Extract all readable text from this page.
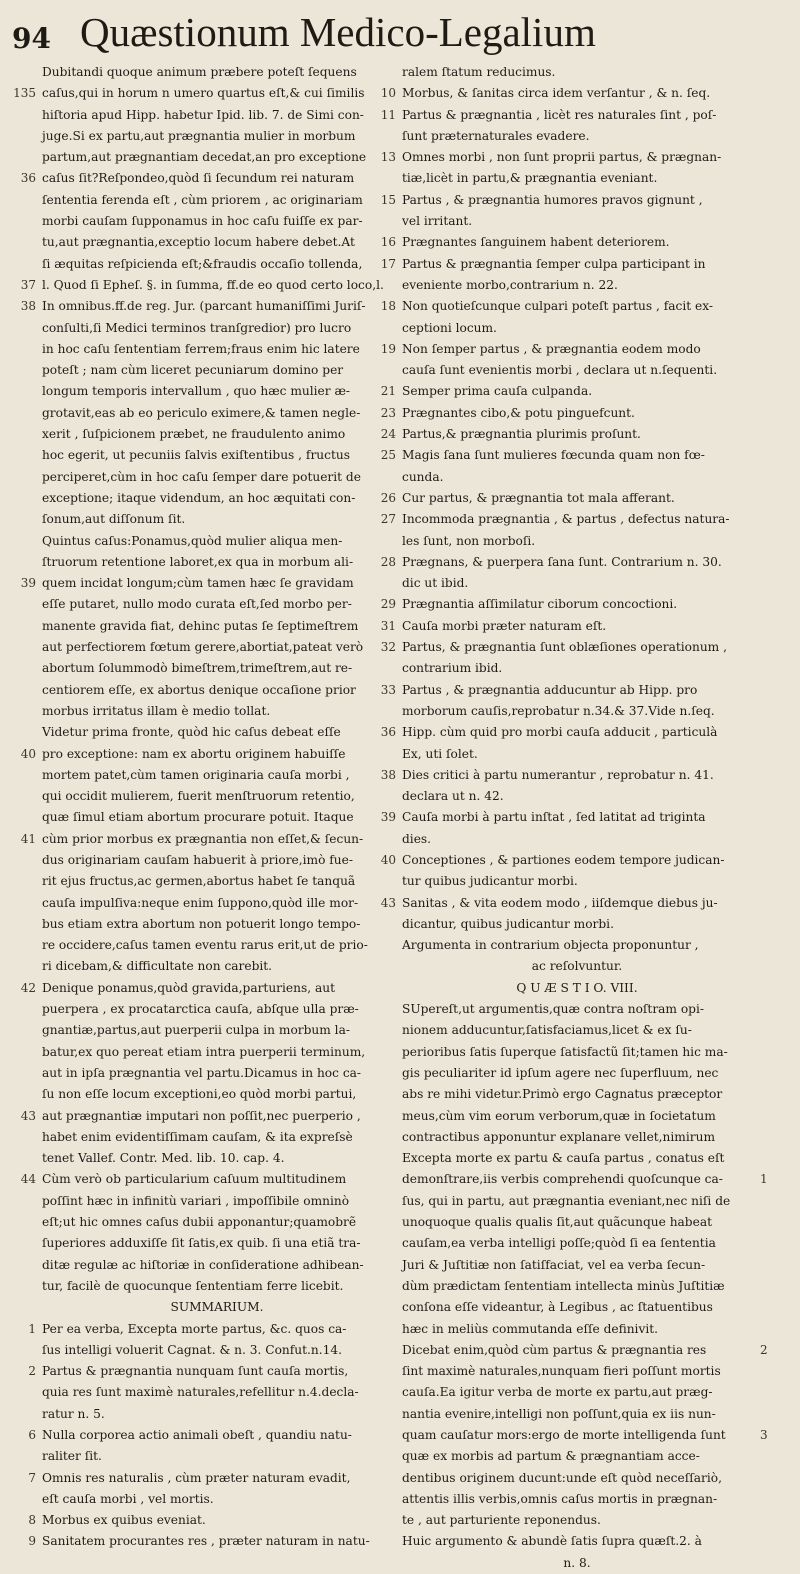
94 Quæstionum Medico-Legalium
Dubitandi quoque animum præbere poteſt ſequens
135 caſus,qui in horum n umero quartus eſt,& cui ſimilis
hiſtoria apud Hipp. habetur Ipid. lib. 7. de Simi con-
juge.Si ex partu,aut prægnantia mulier in morbum
partum,aut prægnantiam decedat,an pro exceptione
36 caſus ſit?Reſpondeo,quòd ſi ſecundum rei naturam
ſententia ferenda eſt , cùm priorem , ac originariam
morbi cauſam ſupponamus in hoc caſu fuiſſe ex par-
tu,aut prægnantia,exceptio locum habere debet.At
ſi æquitas reſpicienda eſt;&fraudis occaſio tollenda,
37 l. Quod ſi Epheſ. §. in ſumma, ff.de eo quod certo loco,l.
38 In omnibus.ff.de reg. Jur. (parcant humaniſſimi Juriſ-
conſulti,ſi Medici terminos tranſgredior) pro lucro
in hoc caſu ſententiam ferrem;fraus enim hic latere
poteſt ; nam cùm liceret pecuniarum domino per
longum temporis intervallum , quo hæc mulier æ-
grotavit,eas ab eo periculo eximere,& tamen negle-
xerit , ſuſpicionem præbet, ne fraudulento animo
hoc egerit, ut pecuniis ſalvis exiſtentibus , fructus
perciperet,cùm in hoc caſu ſemper dare potuerit de
exceptione; itaque videndum, an hoc æquitati con-
ſonum,aut diſſonum ſit.
Quintus caſus:Ponamus,quòd mulier aliqua men-
ſtruorum retentione laboret,ex qua in morbum ali-
39 quem incidat longum;cùm tamen hæc ſe gravidam
eſſe putaret, nullo modo curata eſt,ſed morbo per-
manente gravida fiat, dehinc putas ſe ſeptimeſtrem
aut perfectiorem fœtum gerere,abortiat,pateat verò
abortum ſolummodò bimeſtrem,trimeſtrem,aut re-
centiorem eſſe, ex abortus denique occaſione prior
morbus irritatus illam è medio tollat.
Videtur prima fronte, quòd hic caſus debeat eſſe
40 pro exceptione: nam ex abortu originem habuiſſe
mortem patet,cùm tamen originaria cauſa morbi ,
qui occidit mulierem, fuerit menſtruorum retentio,
quæ ſimul etiam abortum procurare potuit. Itaque
41 cùm prior morbus ex prægnantia non eſſet,& ſecun-
dus originariam cauſam habuerit à priore,imò fue-
rit ejus fructus,ac germen,abortus habet ſe tanquã
cauſa impulſiva:neque enim ſuppono,quòd ille mor-
bus etiam extra abortum non potuerit longo tempo-
re occidere,caſus tamen eventu rarus erit,ut de prio-
ri dicebam,& difficultate non carebit.
42 Denique ponamus,quòd gravida,parturiens, aut
puerpera , ex procatarctica cauſa, abſque ulla præ-
gnantiæ,partus,aut puerperii culpa in morbum la-
batur,ex quo pereat etiam intra puerperii terminum,
aut in ipſa prægnantia vel partu.Dicamus in hoc ca-
ſu non eſſe locum exceptioni,eo quòd morbi partui,
43 aut prægnantiæ imputari non poſſit,nec puerperio ,
habet enim evidentiſſimam cauſam, & ita expreſsè
tenet Vallef. Contr. Med. lib. 10. cap. 4.
44 Cùm verò ob particularium caſuum multitudinem
poſſint hæc in infinitù variari , impoſſibile omninò
eſt;ut hic omnes caſus dubii apponantur;quamobrẽ
ſuperiores adduxiſſe ſit ſatis,ex quib. ſi una etiã tra-
ditæ regulæ ac hiſtoriæ in conſideratione adhibean-
tur, facilè de quocunque ſententiam ferre licebit.
SUMMARIUM.
1 Per ea verba, Excepta morte partus, &c. quos ca-
ſus intelligi voluerit Cagnat. & n. 3. Confut.n.14.
2 Partus & prægnantia nunquam ſunt cauſa mortis,
quia res ſunt maximè naturales,refellitur n.4.decla-
ratur n. 5.
6 Nulla corporea actio animali obeſt , quandiu natu-
raliter ſit.
7 Omnis res naturalis , cùm præter naturam evadit,
eſt cauſa morbi , vel mortis.
8 Morbus ex quibus eveniat.
9 Sanitatem procurantes res , præter naturam in natu-
ralem ſtatum reducimus.
10 Morbus, & ſanitas circa idem verſantur , & n. ſeq.
11 Partus & prægnantia , licèt res naturales ſint , poſ-
ſunt præternaturales evadere.
13 Omnes morbi , non ſunt proprii partus, & prægnan-
tiæ,licèt in partu,& prægnantia eveniant.
15 Partus , & prægnantia humores pravos gignunt ,
vel irritant.
16 Prægnantes ſanguinem habent deteriorem.
17 Partus & prægnantia ſemper culpa participant in
eveniente morbo,contrarium n. 22.
18 Non quotieſcunque culpari poteſt partus , facit ex-
ceptioni locum.
19 Non ſemper partus , & prægnantia eodem modo
cauſa ſunt evenientis morbi , declara ut n.ſequenti.
21 Semper prima cauſa culpanda.
23 Prægnantes cibo,& potu pinguefcunt.
24 Partus,& prægnantia plurimis proſunt.
25 Magis ſana ſunt mulieres fœcunda quam non fœ-
cunda.
26 Cur partus, & prægnantia tot mala afferant.
27 Incommoda prægnantia , & partus , defectus natura-
les ſunt, non morboſi.
28 Prægnans, & puerpera ſana ſunt. Contrarium n. 30.
dic ut ibid.
29 Prægnantia aſſimilatur ciborum concoctioni.
31 Cauſa morbi præter naturam eſt.
32 Partus, & prægnantia ſunt oblæſiones operationum ,
contrarium ibid.
33 Partus , & prægnantia adducuntur ab Hipp. pro
morborum cauſis,reprobatur n.34.& 37.Vide n.ſeq.
36 Hipp. cùm quid pro morbi cauſa adducit , particulà
Ex, uti ſolet.
38 Dies critici à partu numerantur , reprobatur n. 41.
declara ut n. 42.
39 Cauſa morbi à partu inſtat , ſed latitat ad triginta
dies.
40 Conceptiones , & partiones eodem tempore judican-
tur quibus judicantur morbi.
43 Sanitas , & vita eodem modo , iiſdemque diebus ju-
dicantur, quibus judicantur morbi.
Argumenta in contrarium objecta proponuntur ,
ac reſolvuntur.
Q U Æ S T I O. VIII.
SUpereſt,ut argumentis,quæ contra noſtram opi-
nionem adducuntur,ſatisfaciamus,licet & ex ſu-
perioribus ſatis ſuperque ſatisfactũ ſit;tamen hic ma-
gis peculiariter id ipſum agere nec ſuperfluum, nec
abs re mihi videtur.Primò ergo Cagnatus præceptor
meus,cùm vim eorum verborum,quæ in ſocietatum
contractibus apponuntur explanare vellet,nimirum
Excepta morte ex partu & cauſa partus , conatus eſt
demonſtrare,iis verbis comprehendi quoſcunque ca-	1
ſus, qui in partu, aut prægnantia eveniant,nec niſi de
unoquoque qualis qualis ſit,aut quãcunque habeat
cauſam,ea verba intelligi poſſe;quòd ſi ea ſententia
Juri & Juſtitiæ non ſatiſfaciat, vel ea verba ſecun-
dùm prædictam ſententiam intellecta minùs Juſtitiæ
conſona eſſe videantur, à Legibus , ac ſtatuentibus
hæc in meliùs commutanda eſſe definivit.
Dicebat enim,quòd cùm partus & prægnantia res	2
ſint maximè naturales,nunquam fieri poſſunt mortis
cauſa.Ea igitur verba de morte ex partu,aut præg-
nantia evenire,intelligi non poſſunt,quia ex iis nun-
quam cauſatur mors:ergo de morte intelligenda ſunt	3
quæ ex morbis ad partum & prægnantiam acce-
dentibus originem ducunt:unde eſt quòd neceſſariò,
attentis illis verbis,omnis caſus mortis in prægnan-
te , aut parturiente reponendus.
Huic argumento & abundè ſatis ſupra quæſt.2. à
n. 8.
